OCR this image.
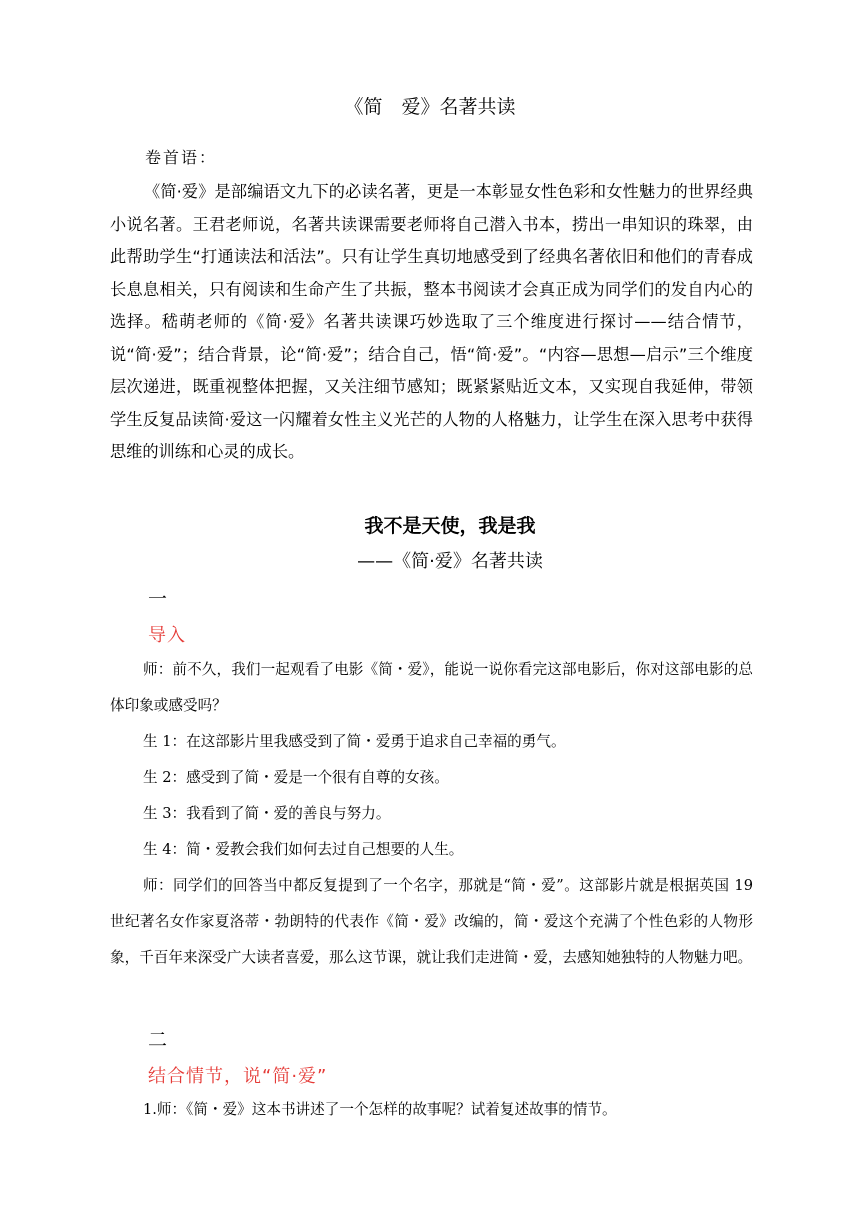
《简　爱》名著共读
卷首语：

《简·爱》是部编语文九下的必读名著，更是一本彰显女性色彩和女性魅力的世界经典小说名著。王君老师说，名著共读课需要老师将自己潜入书本，捞出一串知识的珠翠，由此帮助学生“打通读法和活法”。只有让学生真切地感受到了经典名著依旧和他们的青春成长息息相关，只有阅读和生命产生了共振，整本书阅读才会真正成为同学们的发自内心的选择。嵇萌老师的《简·爱》名著共读课巧妙选取了三个维度进行探讨——结合情节，说“简·爱”；结合背景，论“简·爱”；结合自己，悟“简·爱”。“内容—思想—启示”三个维度层次递进，既重视整体把握，又关注细节感知；既紧紧贴近文本，又实现自我延伸，带领学生反复品读简·爱这一闪耀着女性主义光芒的人物的人格魅力，让学生在深入思考中获得思维的训练和心灵的成长。

我不是天使，我是我
——《简·爱》名著共读
一
导入

师：前不久，我们一起观看了电影《简・爱》，能说一说你看完这部电影后，你对这部电影的总体印象或感受吗？

生 1：在这部影片里我感受到了简・爱勇于追求自己幸福的勇气。

生 2：感受到了简・爱是一个很有自尊的女孩。

生 3：我看到了简・爱的善良与努力。

生 4：简・爱教会我们如何去过自己想要的人生。

师：同学们的回答当中都反复提到了一个名字，那就是“简・爱”。这部影片就是根据英国 19 世纪著名女作家夏洛蒂・勃朗特的代表作《简・爱》改编的，简・爱这个充满了个性色彩的人物形象，千百年来深受广大读者喜爱，那么这节课，就让我们走进简・爱，去感知她独特的人物魅力吧。

二
结合情节，说“简·爱”

1.师：《简・爱》这本书讲述了一个怎样的故事呢？试着复述故事的情节。
